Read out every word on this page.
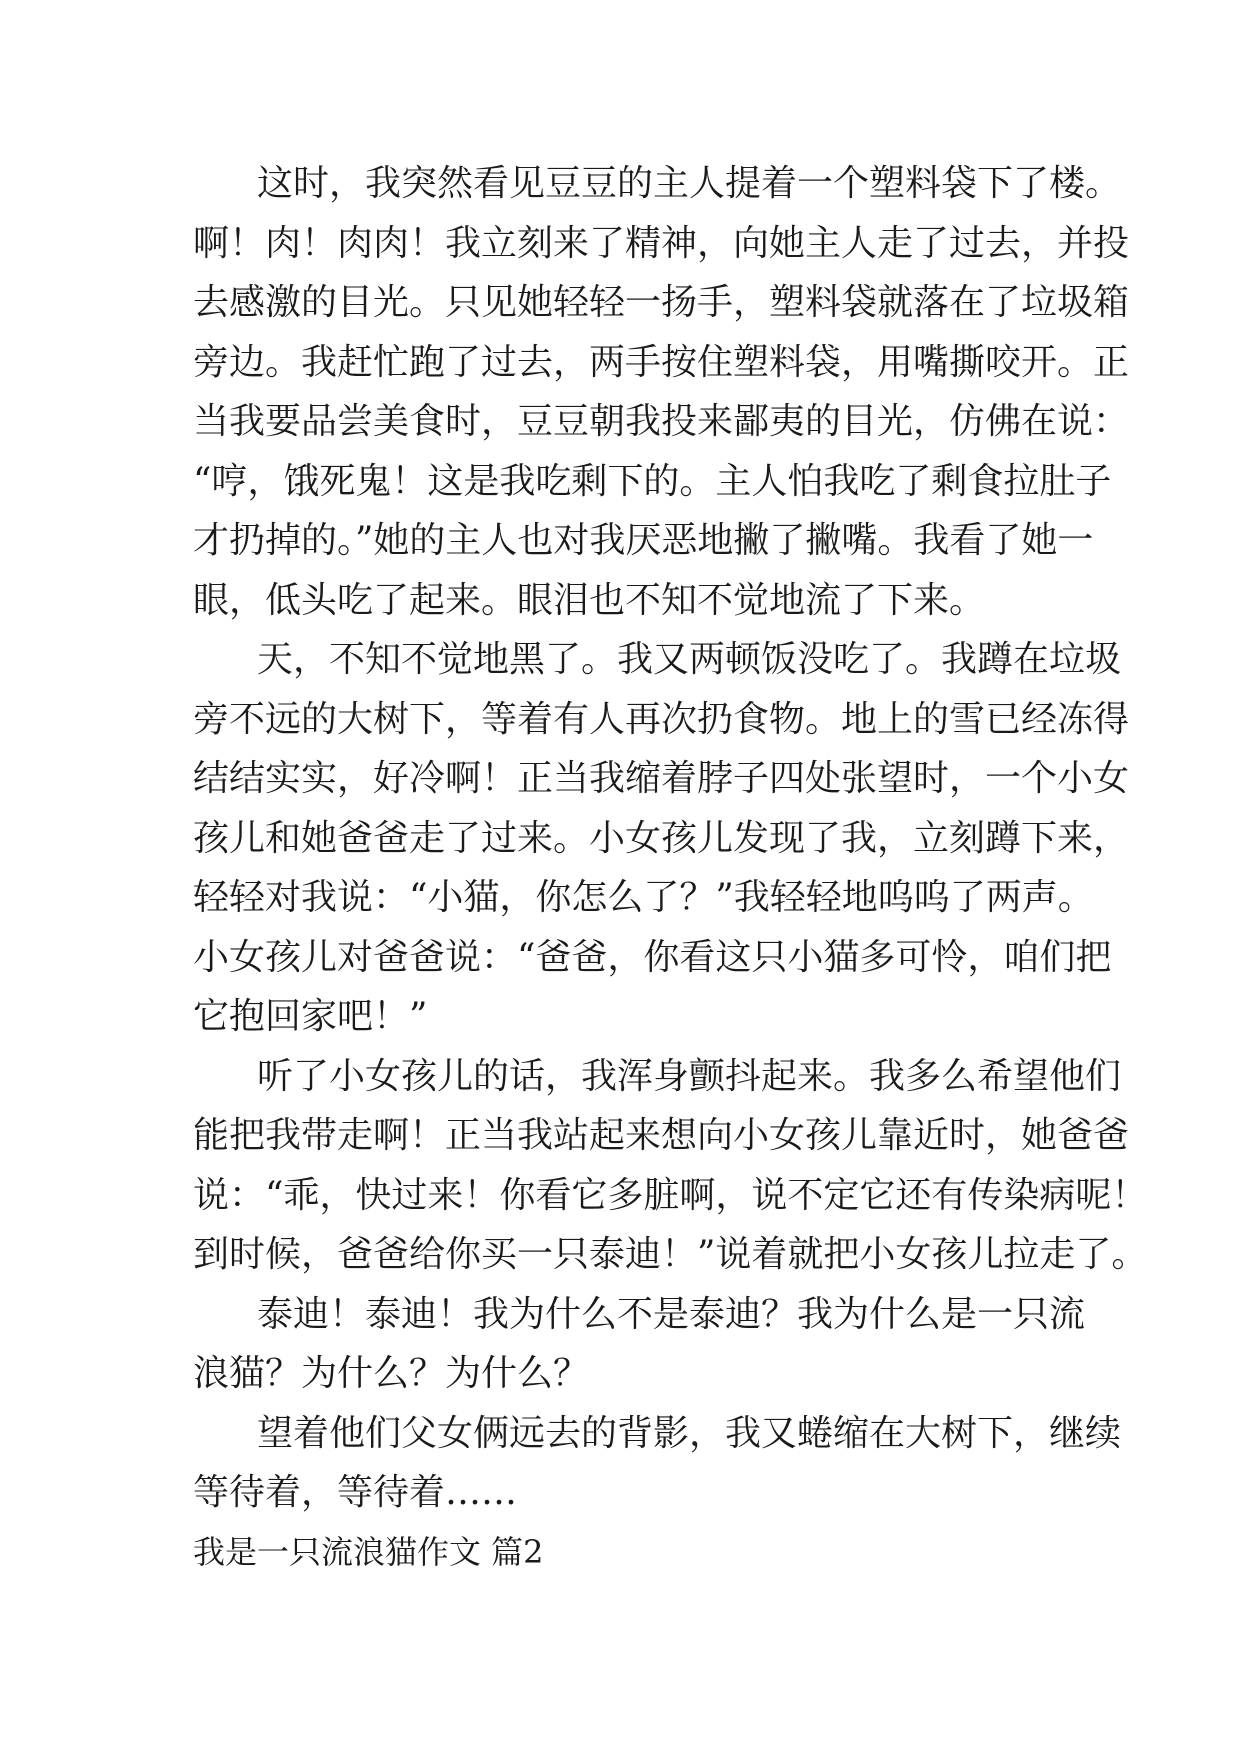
这时，我突然看见豆豆的主人提着一个塑料袋下了楼。
啊！肉！肉肉！我立刻来了精神，向她主人走了过去，并投
去感激的目光。只见她轻轻一扬手，塑料袋就落在了垃圾箱
旁边。我赶忙跑了过去，两手按住塑料袋，用嘴撕咬开。正
当我要品尝美食时，豆豆朝我投来鄙夷的目光，仿佛在说：
“哼，饿死鬼！这是我吃剩下的。主人怕我吃了剩食拉肚子
才扔掉的。”她的主人也对我厌恶地撇了撇嘴。我看了她一
眼，低头吃了起来。眼泪也不知不觉地流了下来。
天，不知不觉地黑了。我又两顿饭没吃了。我蹲在垃圾
旁不远的大树下，等着有人再次扔食物。地上的雪已经冻得
结结实实，好冷啊！正当我缩着脖子四处张望时，一个小女
孩儿和她爸爸走了过来。小女孩儿发现了我，立刻蹲下来，
轻轻对我说：“小猫，你怎么了？”我轻轻地呜呜了两声。
小女孩儿对爸爸说：“爸爸，你看这只小猫多可怜，咱们把
它抱回家吧！”
听了小女孩儿的话，我浑身颤抖起来。我多么希望他们
能把我带走啊！正当我站起来想向小女孩儿靠近时，她爸爸
说：“乖，快过来！你看它多脏啊，说不定它还有传染病呢！
到时候，爸爸给你买一只泰迪！”说着就把小女孩儿拉走了。
泰迪！泰迪！我为什么不是泰迪？我为什么是一只流
浪猫？为什么？为什么？
望着他们父女俩远去的背影，我又蜷缩在大树下，继续
等待着，等待着……
我是一只流浪猫作文 篇2
